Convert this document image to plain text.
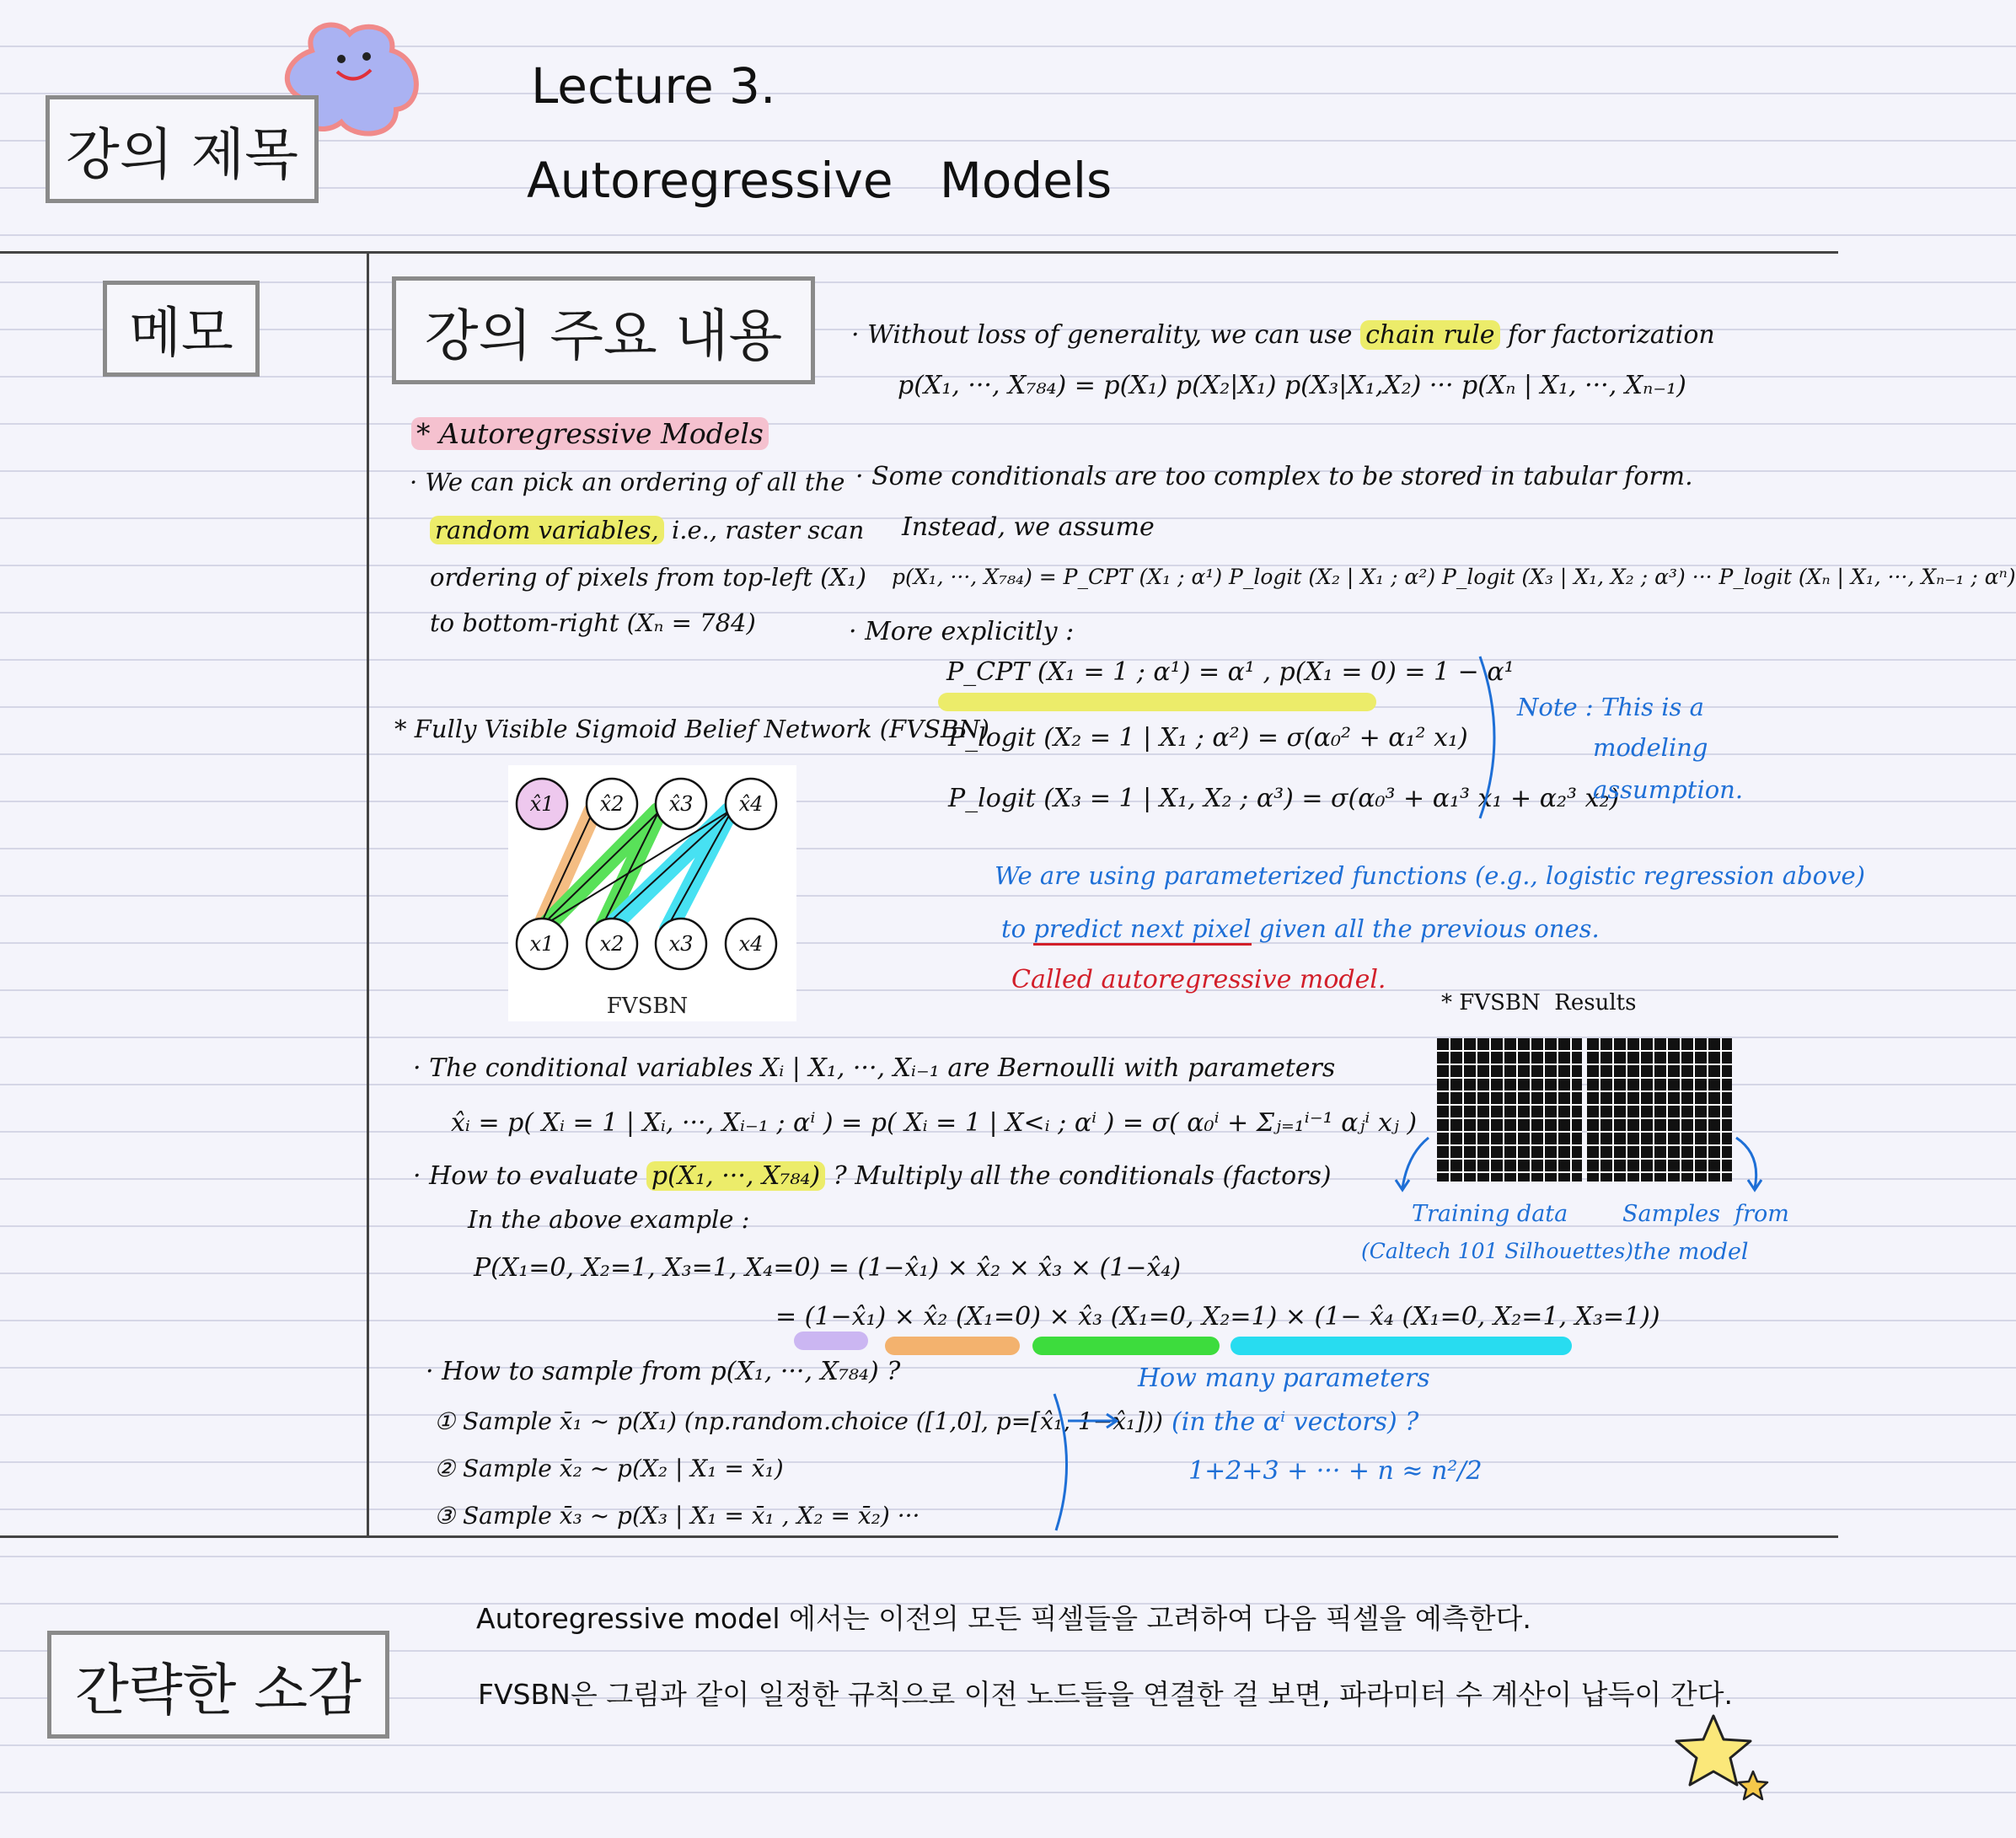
강의 제목
Lecture 3.
Autoregressive   Models
메모	강의 주요 내용
간략한 소감
* Autoregressive Models
· We can pick an ordering of all the
random variables, i.e., raster scan
ordering of pixels from top-left (X₁)
to bottom-right (Xₙ = 784)
* Fully Visible Sigmoid Belief Network (FVSBN)
x̂1 x̂2 x̂3 x̂4
x1 x2 x3 x4
FVSBN
· Without loss of generality, we can use chain rule for factorization
p(X₁, ···, X₇₈₄) = p(X₁) p(X₂|X₁) p(X₃|X₁,X₂) ··· p(Xₙ | X₁, ···, Xₙ₋₁)
· Some conditionals are too complex to be stored in tabular form.
Instead, we assume
p(X₁, ···, X₇₈₄) = P_CPT (X₁ ; α¹) P_logit (X₂ | X₁ ; α²) P_logit (X₃ | X₁, X₂ ; α³) ··· P_logit (Xₙ | X₁, ···, Xₙ₋₁ ; αⁿ)
· More explicitly :
P_CPT (X₁ = 1 ; α¹) = α¹ , p(X₁ = 0) = 1 − α¹
P_logit (X₂ = 1 | X₁ ; α²) = σ(α₀² + α₁² x₁)
P_logit (X₃ = 1 | X₁, X₂ ; α³) = σ(α₀³ + α₁³ x₁ + α₂³ x₂)
Note : This is a
modeling
assumption.
We are using parameterized functions (e.g., logistic regression above)
to predict next pixel given all the previous ones.
Called autoregressive model.
* FVSBN  Results
Training data
(Caltech 101 Silhouettes)
Samples  from
the model
· The conditional variables Xᵢ | X₁, ···, Xᵢ₋₁ are Bernoulli with parameters
x̂ᵢ = p( Xᵢ = 1 | Xᵢ, ···, Xᵢ₋₁ ; αⁱ ) = p( Xᵢ = 1 | X<ᵢ ; αⁱ ) = σ( α₀ⁱ + Σⱼ₌₁ⁱ⁻¹ αⱼⁱ xⱼ )
· How to evaluate p(X₁, ···, X₇₈₄) ? Multiply all the conditionals (factors)
In the above example :
P(X₁=0, X₂=1, X₃=1, X₄=0) = (1−x̂₁) × x̂₂ × x̂₃ × (1−x̂₄)
= (1−x̂₁) × x̂₂ (X₁=0) × x̂₃ (X₁=0, X₂=1) × (1− x̂₄ (X₁=0, X₂=1, X₃=1))
· How to sample from p(X₁, ···, X₇₈₄) ?
① Sample x̄₁ ~ p(X₁) (np.random.choice ([1,0], p=[x̂₁, 1−x̂₁]))
② Sample x̄₂ ~ p(X₂ | X₁ = x̄₁)
③ Sample x̄₃ ~ p(X₃ | X₁ = x̄₁ , X₂ = x̄₂) ···
How many parameters
(in the αⁱ vectors) ?
1+2+3 + ··· + n ≈ n²/2
Autoregressive model 에서는 이전의 모든 픽셀들을 고려하여 다음 픽셀을 예측한다.
FVSBN은 그림과 같이 일정한 규칙으로 이전 노드들을 연결한 걸 보면, 파라미터 수 계산이 납득이 간다.
